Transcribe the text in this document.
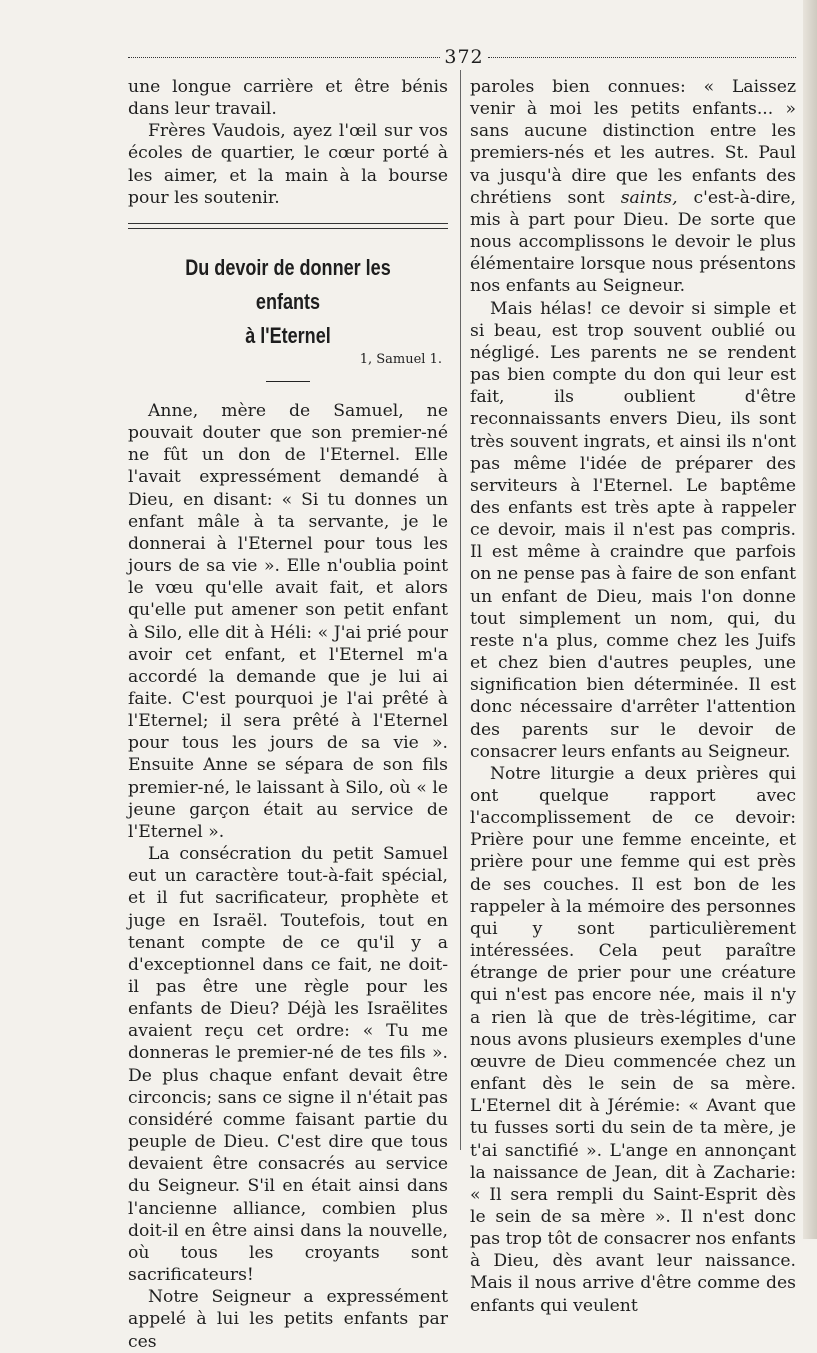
372

une longue carrière et être bénis dans leur travail.

Frères Vaudois, ayez l'œil sur vos écoles de quartier, le cœur porté à les aimer, et la main à la bourse pour les soutenir.

Du devoir de donner les enfants
à l'Eternel
1, Samuel 1.

Anne, mère de Samuel, ne pouvait douter que son premier-né ne fût un don de l'Eternel. Elle l'avait expressément demandé à Dieu, en disant: « Si tu donnes un enfant mâle à ta servante, je le donnerai à l'Eternel pour tous les jours de sa vie ». Elle n'oublia point le vœu qu'elle avait fait, et alors qu'elle put amener son petit enfant à Silo, elle dit à Héli: « J'ai prié pour avoir cet enfant, et l'Eternel m'a accordé la demande que je lui ai faite. C'est pourquoi je l'ai prêté à l'Eternel; il sera prêté à l'Eternel pour tous les jours de sa vie ». Ensuite Anne se sépara de son fils premier-né, le laissant à Silo, où « le jeune garçon était au service de l'Eternel ».

La consécration du petit Samuel eut un caractère tout-à-fait spécial, et il fut sacrificateur, prophète et juge en Israël. Toutefois, tout en tenant compte de ce qu'il y a d'exceptionnel dans ce fait, ne doit-il pas être une règle pour les enfants de Dieu? Déjà les Israëlites avaient reçu cet ordre: « Tu me donneras le premier-né de tes fils ». De plus chaque enfant devait être circoncis; sans ce signe il n'était pas considéré comme faisant partie du peuple de Dieu. C'est dire que tous devaient être consacrés au service du Seigneur. S'il en était ainsi dans l'ancienne alliance, combien plus doit-il en être ainsi dans la nouvelle, où tous les croyants sont sacrificateurs!

Notre Seigneur a expressément appelé à lui les petits enfants par ces

paroles bien connues: « Laissez venir à moi les petits enfants... » sans aucune distinction entre les premiers-nés et les autres. St. Paul va jusqu'à dire que les enfants des chrétiens sont saints, c'est-à-dire, mis à part pour Dieu. De sorte que nous accomplissons le devoir le plus élémentaire lorsque nous présentons nos enfants au Seigneur.

Mais hélas! ce devoir si simple et si beau, est trop souvent oublié ou négligé. Les parents ne se rendent pas bien compte du don qui leur est fait, ils oublient d'être reconnaissants envers Dieu, ils sont très souvent ingrats, et ainsi ils n'ont pas même l'idée de préparer des serviteurs à l'Eternel. Le baptême des enfants est très apte à rappeler ce devoir, mais il n'est pas compris. Il est même à craindre que parfois on ne pense pas à faire de son enfant un enfant de Dieu, mais l'on donne tout simplement un nom, qui, du reste n'a plus, comme chez les Juifs et chez bien d'autres peuples, une signification bien déterminée. Il est donc nécessaire d'arrêter l'attention des parents sur le devoir de consacrer leurs enfants au Seigneur.

Notre liturgie a deux prières qui ont quelque rapport avec l'accomplissement de ce devoir: Prière pour une femme enceinte, et prière pour une femme qui est près de ses couches. Il est bon de les rappeler à la mémoire des personnes qui y sont particulièrement intéressées. Cela peut paraître étrange de prier pour une créature qui n'est pas encore née, mais il n'y a rien là que de très-légitime, car nous avons plusieurs exemples d'une œuvre de Dieu commencée chez un enfant dès le sein de sa mère. L'Eternel dit à Jérémie: « Avant que tu fusses sorti du sein de ta mère, je t'ai sanctifié ». L'ange en annonçant la naissance de Jean, dit à Zacharie: « Il sera rempli du Saint-Esprit dès le sein de sa mère ». Il n'est donc pas trop tôt de consacrer nos enfants à Dieu, dès avant leur naissance. Mais il nous arrive d'être comme des enfants qui veulent
